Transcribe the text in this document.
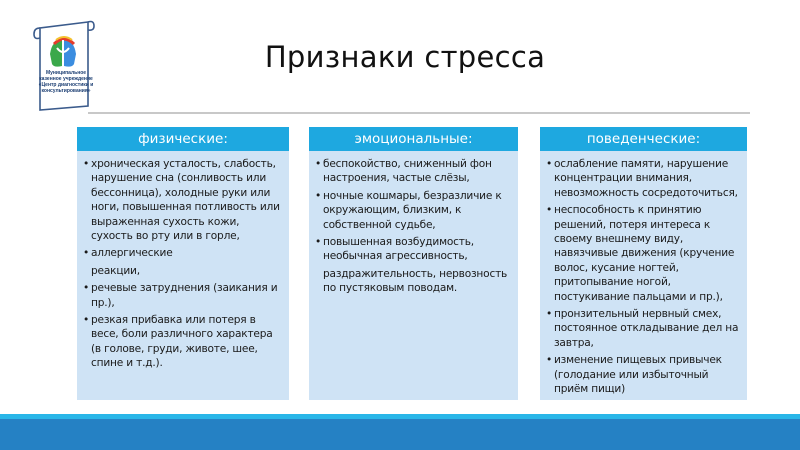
Муниципальное казенное учреждение «Центр диагностики и консультирования»
Признаки стресса
физические:
• хроническая усталость, слабость, нарушение сна (сонливость или бессонница), холодные руки или ноги, повышенная потливость или выраженная сухость кожи, сухость во рту или в горле,
• аллергические
реакции,
• речевые затруднения (заикания и пр.),
• резкая прибавка или потеря в весе, боли различного характера (в голове, груди, животе, шее, спине и т.д.).
эмоциональные:
• беспокойство, сниженный фон настроения, частые слёзы,
• ночные кошмары, безразличие к окружающим, близким, к собственной судьбе,
• повышенная возбудимость, необычная агрессивность,
раздражительность, нервозность по пустяковым поводам.
поведенческие:
• ослабление памяти, нарушение концентрации внимания, невозможность сосредоточиться,
• неспособность к принятию решений, потеря интереса к своему внешнему виду, навязчивые движения (кручение волос, кусание ногтей, притопывание ногой, постукивание пальцами и пр.),
• пронзительный нервный смех, постоянное откладывание дел на завтра,
• изменение пищевых привычек (голодание или избыточный приём пищи)
